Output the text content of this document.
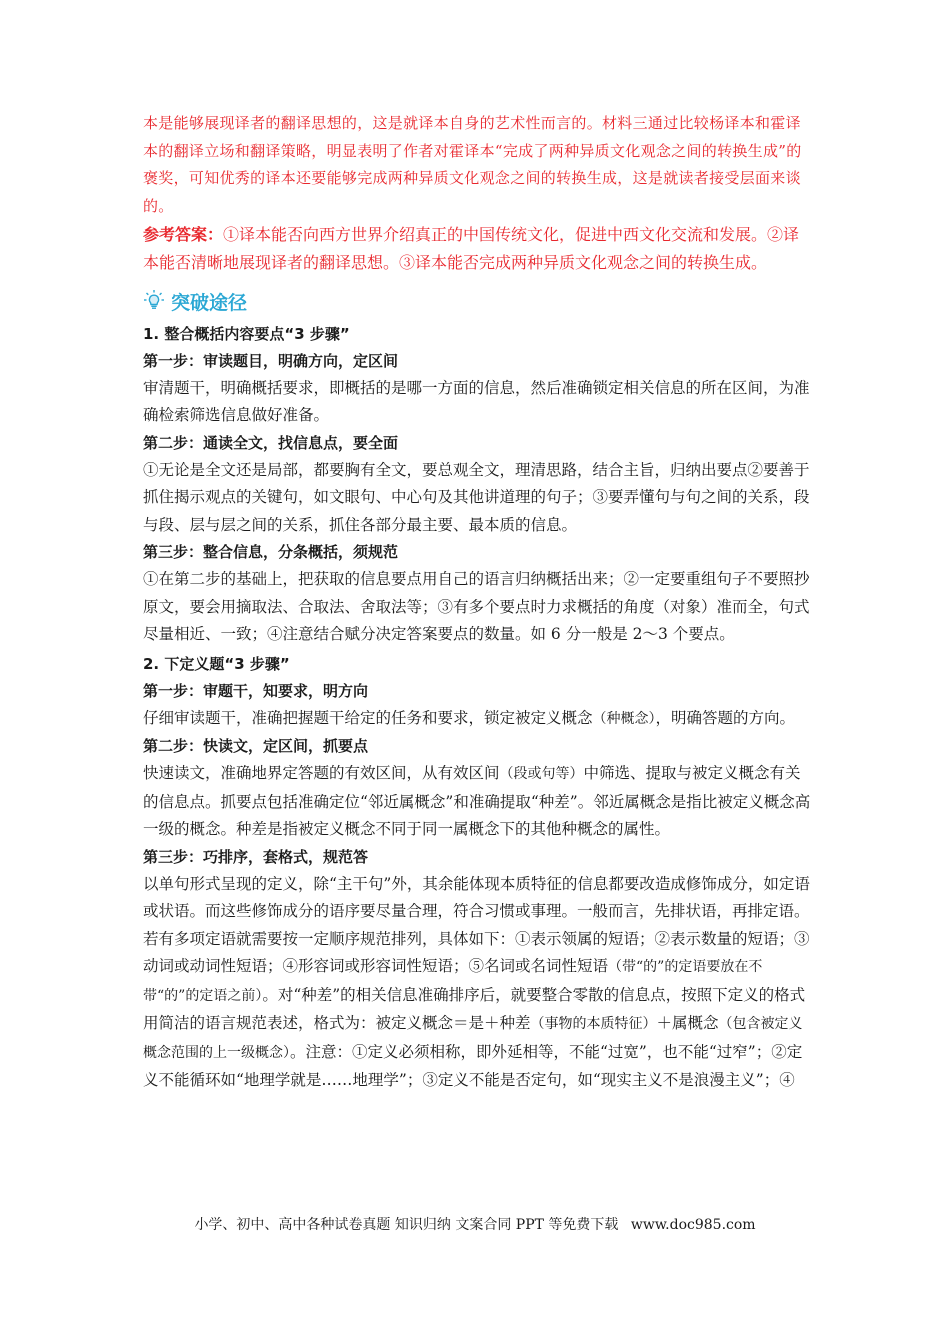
本是能够展现译者的翻译思想的，这是就译本自身的艺术性而言的。材料三通过比较杨译本和霍译本的翻译立场和翻译策略，明显表明了作者对霍译本“完成了两种异质文化观念之间的转换生成”的褒奖，可知优秀的译本还要能够完成两种异质文化观念之间的转换生成，这是就读者接受层面来谈的。

参考答案：①译本能否向西方世界介绍真正的中国传统文化，促进中西文化交流和发展。②译本能否清晰地展现译者的翻译思想。③译本能否完成两种异质文化观念之间的转换生成。

突破途径

1. 整合概括内容要点“3 步骤”

第一步：审读题目，明确方向，定区间

审清题干，明确概括要求，即概括的是哪一方面的信息，然后准确锁定相关信息的所在区间，为准确检索筛选信息做好准备。

第二步：通读全文，找信息点，要全面

①无论是全文还是局部，都要胸有全文，要总观全文，理清思路，结合主旨，归纳出要点②要善于抓住揭示观点的关键句，如文眼句、中心句及其他讲道理的句子；③要弄懂句与句之间的关系，段与段、层与层之间的关系，抓住各部分最主要、最本质的信息。

第三步：整合信息，分条概括，须规范

①在第二步的基础上，把获取的信息要点用自己的语言归纳概括出来；②一定要重组句子不要照抄原文，要会用摘取法、合取法、舍取法等；③有多个要点时力求概括的角度（对象）准而全，句式尽量相近、一致；④注意结合赋分决定答案要点的数量。如 6 分一般是 2～3 个要点。

2. 下定义题“3 步骤”

第一步：审题干，知要求，明方向

仔细审读题干，准确把握题干给定的任务和要求，锁定被定义概念（种概念），明确答题的方向。

第二步：快读文，定区间，抓要点

快速读文，准确地界定答题的有效区间，从有效区间（段或句等）中筛选、提取与被定义概念有关的信息点。抓要点包括准确定位“邻近属概念”和准确提取“种差”。邻近属概念是指比被定义概念高一级的概念。种差是指被定义概念不同于同一属概念下的其他种概念的属性。

第三步：巧排序，套格式，规范答

以单句形式呈现的定义，除“主干句”外，其余能体现本质特征的信息都要改造成修饰成分，如定语或状语。而这些修饰成分的语序要尽量合理，符合习惯或事理。一般而言，先排状语，再排定语。若有多项定语就需要按一定顺序规范排列，具体如下：①表示领属的短语；②表示数量的短语；③动词或动词性短语；④形容词或形容词性短语；⑤名词或名词性短语（带“的”的定语要放在不带“的”的定语之前）。对“种差”的相关信息准确排序后，就要整合零散的信息点，按照下定义的格式用简洁的语言规范表述，格式为：被定义概念＝是＋种差（事物的本质特征）＋属概念（包含被定义概念范围的上一级概念）。注意：①定义必须相称，即外延相等，不能“过宽”，也不能“过窄”；②定义不能循环如“地理学就是……地理学”；③定义不能是否定句，如“现实主义不是浪漫主义”；④

小学、初中、高中各种试卷真题 知识归纳 文案合同 PPT 等免费下载 www.doc985.com
